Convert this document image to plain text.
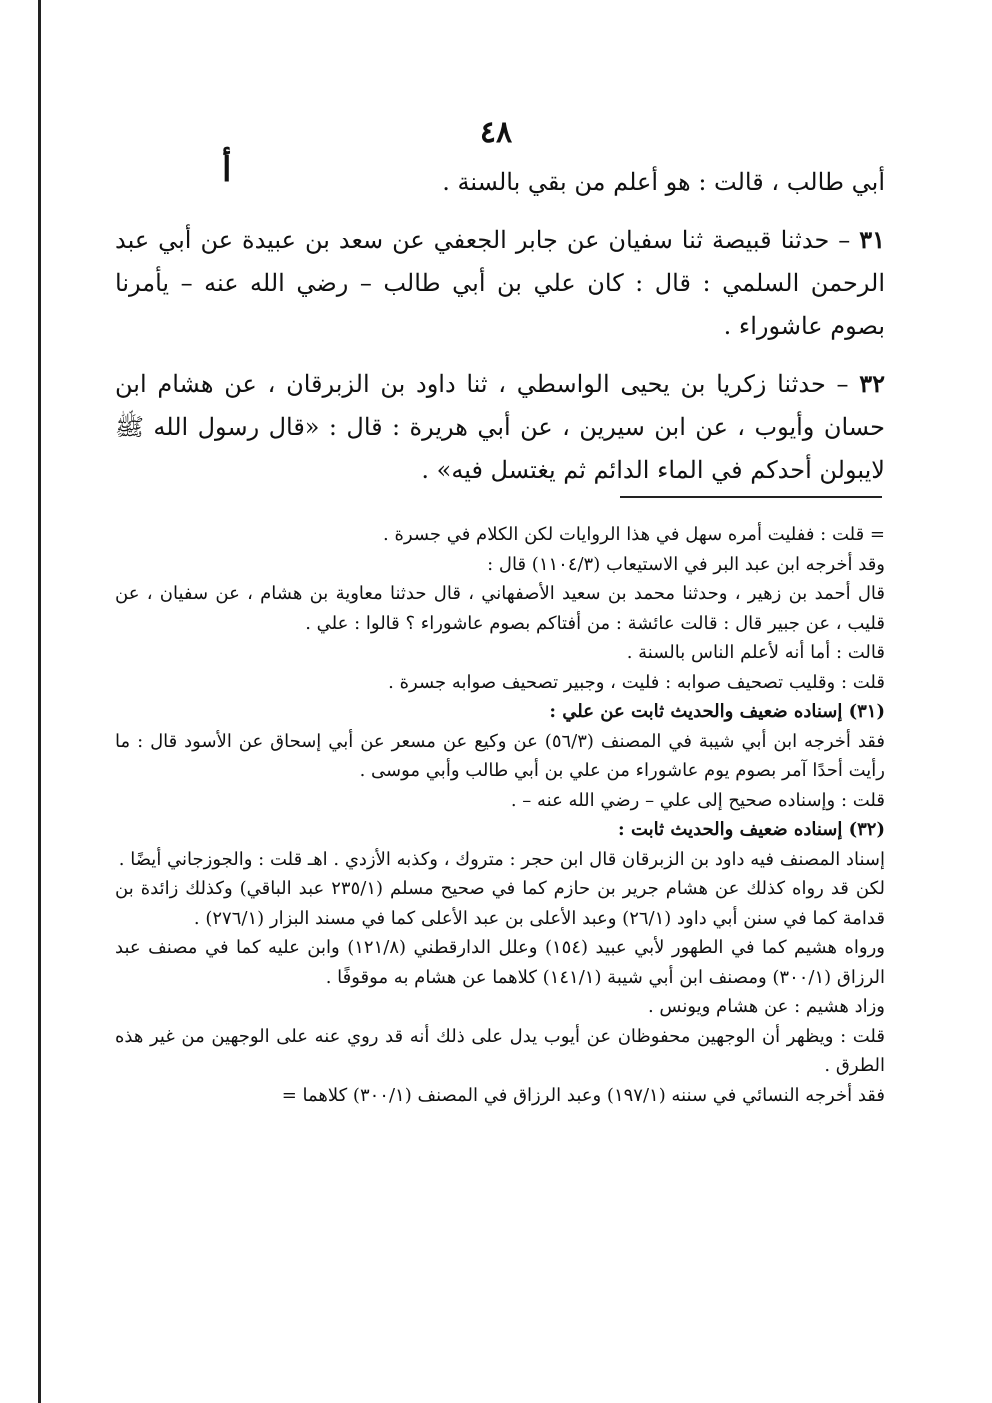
٤٨
أ	أبي طالب ، قالت : هو أعلم من بقي بالسنة .

٣١ – حدثنا قبيصة ثنا سفيان عن جابر الجعفي عن سعد بن عبيدة عن أبي عبد الرحمن السلمي : قال : كان علي بن أبي طالب – رضي الله عنه – يأمرنا بصوم عاشوراء .

٣٢ – حدثنا زكريا بن يحيى الواسطي ، ثنا داود بن الزبرقان ، عن هشام ابن حسان وأيوب ، عن ابن سيرين ، عن أبي هريرة : قال : «قال رسول الله ﷺ لايبولن أحدكم في الماء الدائم ثم يغتسل فيه» .

= قلت : ففليت أمره سهل في هذا الروايات لكن الكلام في جسرة .

وقد أخرجه ابن عبد البر في الاستيعاب (١١٠٤/٣) قال :

قال أحمد بن زهير ، وحدثنا محمد بن سعيد الأصفهاني ، قال حدثنا معاوية بن هشام ، عن سفيان ، عن قليب ، عن جبير قال : قالت عائشة : من أفتاكم بصوم عاشوراء ؟ قالوا : علي .

قالت : أما أنه لأعلم الناس بالسنة .

قلت : وقليب تصحيف صوابه : فليت ، وجبير تصحيف صوابه جسرة .

(٣١) إسناده ضعيف والحديث ثابت عن علي :

فقد أخرجه ابن أبي شيبة في المصنف (٥٦/٣) عن وكيع عن مسعر عن أبي إسحاق عن الأسود قال : ما رأيت أحدًا آمر بصوم يوم عاشوراء من علي بن أبي طالب وأبي موسى .

قلت : وإسناده صحيح إلى علي – رضي الله عنه – .

(٣٢) إسناده ضعيف والحديث ثابت :

إسناد المصنف فيه داود بن الزبرقان قال ابن حجر : متروك ، وكذبه الأزدي . اهـ قلت : والجوزجاني أيضًا .

لكن قد رواه كذلك عن هشام جرير بن حازم كما في صحيح مسلم (٢٣٥/١ عبد الباقي) وكذلك زائدة بن قدامة كما في سنن أبي داود (٢٦/١) وعبد الأعلى بن عبد الأعلى كما في مسند البزار (٢٧٦/١) .

ورواه هشيم كما في الطهور لأبي عبيد (١٥٤) وعلل الدارقطني (١٢١/٨) وابن عليه كما في مصنف عبد الرزاق (٣٠٠/١) ومصنف ابن أبي شيبة (١٤١/١) كلاهما عن هشام به موقوفًا .

وزاد هشيم : عن هشام ويونس .

قلت : ويظهر أن الوجهين محفوظان عن أيوب يدل على ذلك أنه قد روي عنه على الوجهين من غير هذه الطرق .

فقد أخرجه النسائي في سننه (١٩٧/١) وعبد الرزاق في المصنف (٣٠٠/١) كلاهما =
